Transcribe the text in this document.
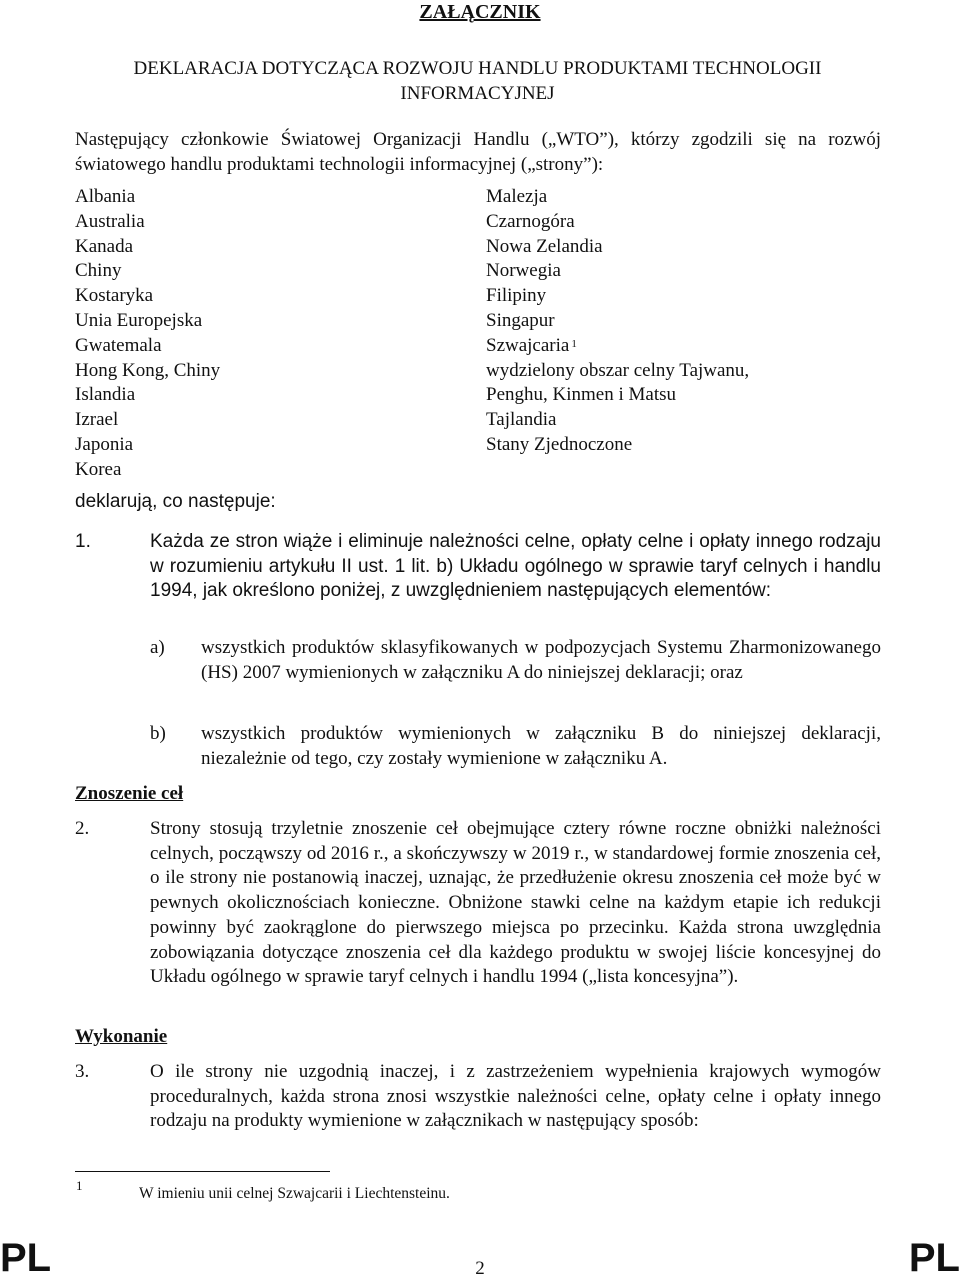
ZAŁĄCZNIK
DEKLARACJA DOTYCZĄCA ROZWOJU HANDLU PRODUKTAMI TECHNOLOGII INFORMACYJNEJ
Następujący członkowie Światowej Organizacji Handlu („WTO”), którzy zgodzili się na rozwój światowego handlu produktami technologii informacyjnej („strony”):
Albania
Australia
Kanada
Chiny
Kostaryka
Unia Europejska
Gwatemala
Hong Kong, Chiny
Islandia
Izrael
Japonia
Korea
Malezja
Czarnogóra
Nowa Zelandia
Norwegia
Filipiny
Singapur
Szwajcaria $^1$
wydzielony obszar celny Tajwanu,
Penghu, Kinmen i Matsu
Tajlandia
Stany Zjednoczone
deklarują, co następuje:
1.	Każda ze stron wiąże i eliminuje należności celne, opłaty celne i opłaty innego rodzaju w rozumieniu artykułu II ust. 1 lit. b) Układu ogólnego w sprawie taryf celnych i handlu 1994, jak określono poniżej, z uwzględnieniem następujących elementów:
a) wszystkich produktów sklasyfikowanych w podpozycjach Systemu Zharmonizowanego (HS) 2007 wymienionych w załączniku A do niniejszej deklaracji; oraz
b) wszystkich produktów wymienionych w załączniku B do niniejszej deklaracji, niezależnie od tego, czy zostały wymienione w załączniku A.
Znoszenie ceł
2.	Strony stosują trzyletnie znoszenie ceł obejmujące cztery równe roczne obniżki należności celnych, począwszy od 2016 r., a skończywszy w 2019 r., w standardowej formie znoszenia ceł, o ile strony nie postanowią inaczej, uznając, że przedłużenie okresu znoszenia ceł może być w pewnych okolicznościach konieczne. Obniżone stawki celne na każdym etapie ich redukcji powinny być zaokrąglone do pierwszego miejsca po przecinku. Każda strona uwzględnia zobowiązania dotyczące znoszenia ceł dla każdego produktu w swojej liście koncesyjnej do Układu ogólnego w sprawie taryf celnych i handlu 1994 („lista koncesyjna”).
Wykonanie
3.	O ile strony nie uzgodnią inaczej, i z zastrzeżeniem wypełnienia krajowych wymogów proceduralnych, każda strona znosi wszystkie należności celne, opłaty celne i opłaty innego rodzaju na produkty wymienione w załącznikach w następujący sposób:
1	W imieniu unii celnej Szwajcarii i Liechtensteinu.
PL	2	PL
